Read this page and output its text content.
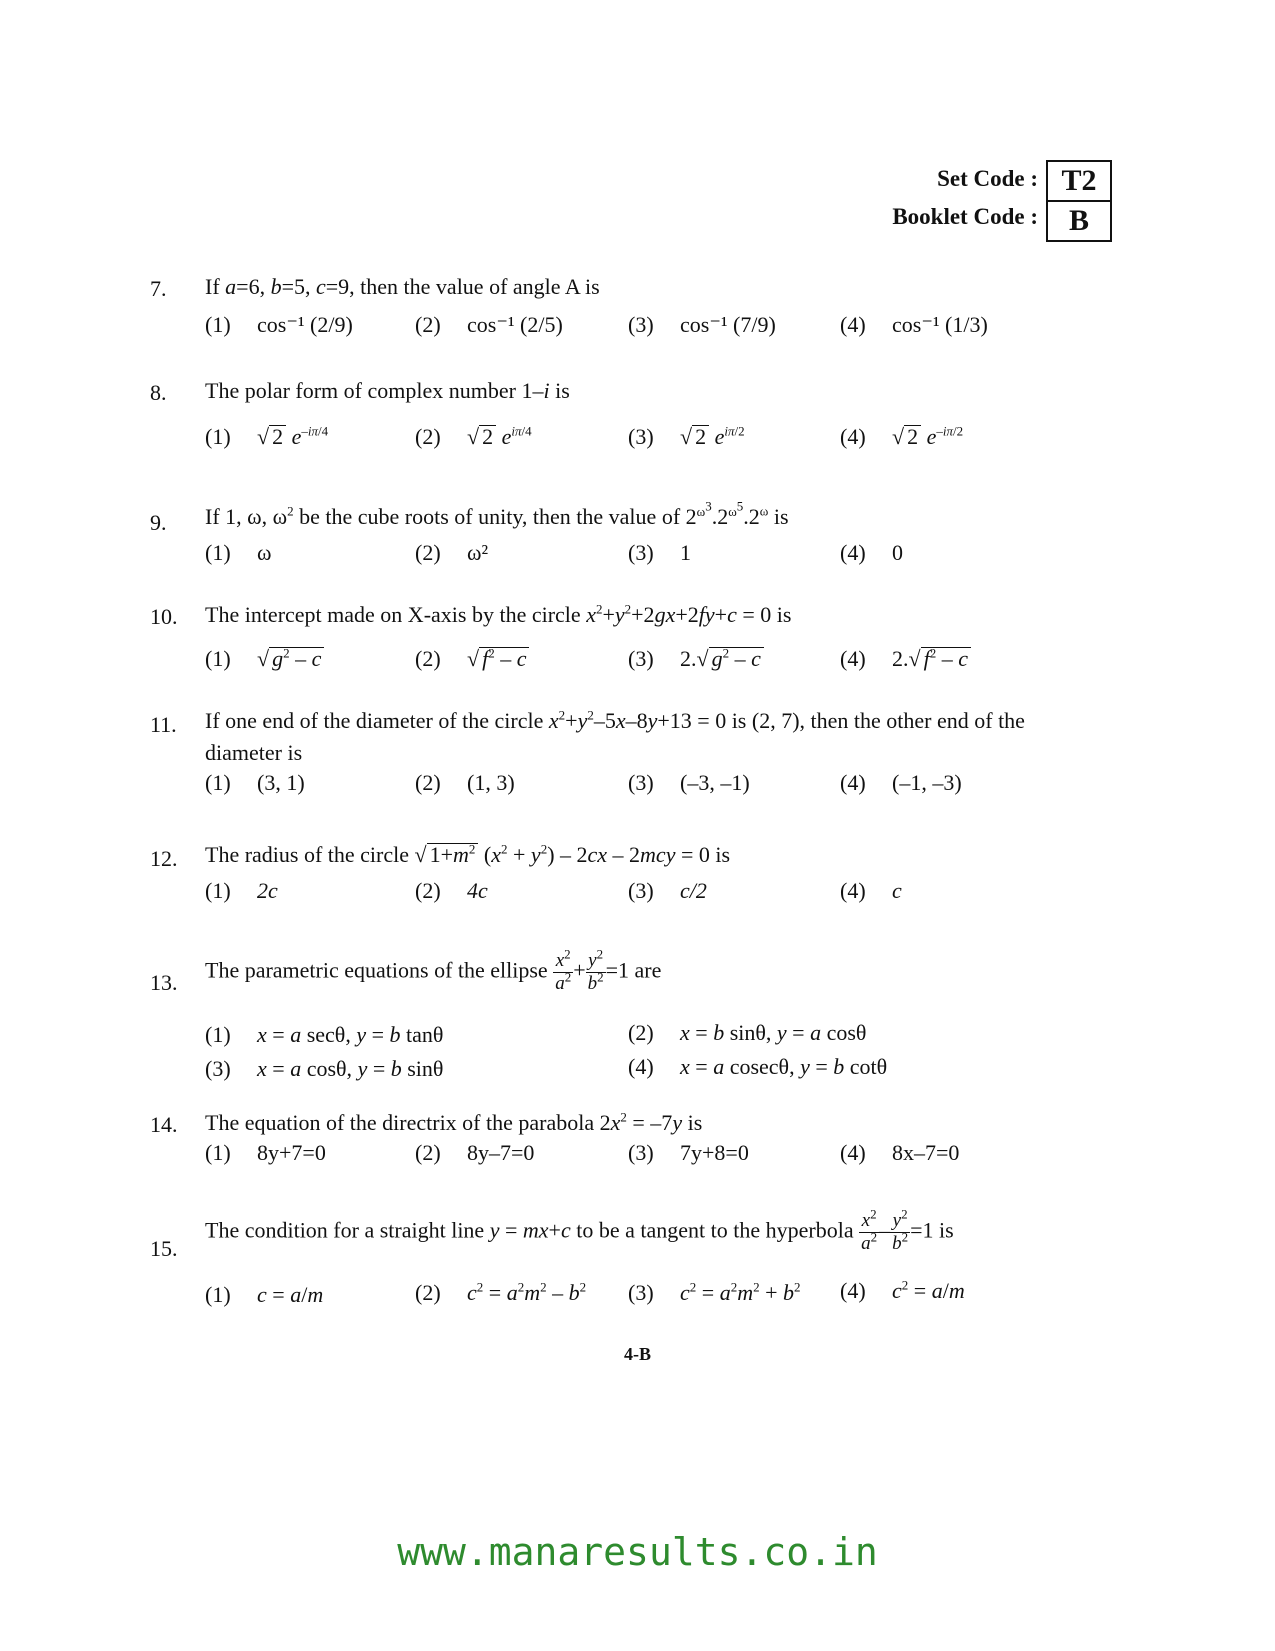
Set Code : T2
Booklet Code :	B
7. If a=6, b=5, c=9, then the value of angle A is
(1) cos⁻¹ (2/9)	(2) cos⁻¹ (2/5)	(3) cos⁻¹ (7/9)	(4) cos⁻¹ (1/3)
8. The polar form of complex number 1–i is
(1) √ 2 $e^{-i\pi/4}$	(2) √ 2 $e^{i\pi/4}$	(3) √ 2 $e^{i\pi/2}$	(4) √ 2 $e^{-i\pi/2}$
9. If 1, ω, $\omega^2$ be the cube roots of unity, then the value of $2^{\omega^3}.2^{\omega^5}.2^\omega$ is
(1) ω	(2) ω²	(3) 1	(4) 0
10. The intercept made on X-axis by the circle $x^2+y^2+2gx+2fy+c = 0$ is
(1) √ $g^2$ – c	(2) √ $f^2$ – c	(3) 2.√ $g^2$ – c	(4) 2.√ $f^2$ – c
11. If one end of the diameter of the circle $x^2+y^2-5x-8y+13 = 0$ is (2, 7), then the other end of the
diameter is
(1) (3, 1)	(2) (1, 3)	(3) (–3, –1)	(4) (–1, –3)
12. The radius of the circle √ $1+m^2$ $(x^2 + y^2) - 2cx - 2mcy = 0$ is
(1) 2c	(2) 4c	(3) c/2	(4) c
13. The parametric equations of the ellipse $\frac{x^2}{a^2} + \frac{y^2}{b^2} =1$ are
(1) x = a secθ, y = b tanθ	(2) x = b sinθ, y = a cosθ
(3) x = a cosθ, y = b sinθ	(4) x = a cosecθ, y = b cotθ
14. The equation of the directrix of the parabola $2x^2 = -7y$ is
(1) 8y+7=0	(2) 8y–7=0	(3) 7y+8=0	(4) 8x–7=0
15.
The condition for a straight line y = mx+c to be a tangent to the hyperbola $\frac{x^2}{a^2} - \frac{y^2}{b^2} =1$ is
(1) c = a/m	(2) $c^2 = a^2m^2 - b^2$ (3) $c^2 = a^2m^2 + b^2$ (4) $c^2 = a/m$
4-B
www.manaresults.co.in
